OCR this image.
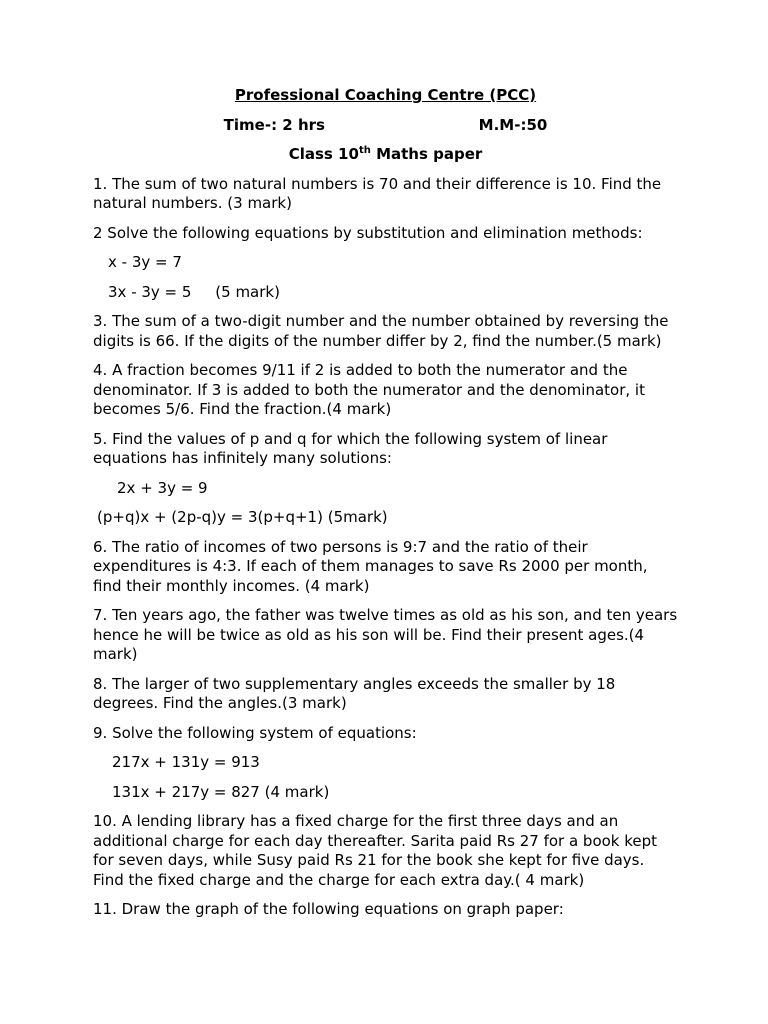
Professional Coaching Centre (PCC)
Time-: 2 hrs	M.M-:50
Class 10th Maths paper

1. The sum of two natural numbers is 70 and their difference is 10. Find the natural numbers. (3 mark)

2 Solve the following equations by substitution and elimination methods:

x - 3y = 7

3x - 3y = 5     (5 mark)

3. The sum of a two-digit number and the number obtained by reversing the digits is 66. If the digits of the number differ by 2, find the number.(5 mark)

4. A fraction becomes 9/11 if 2 is added to both the numerator and the denominator. If 3 is added to both the numerator and the denominator, it becomes 5/6. Find the fraction.(4 mark)

5. Find the values of p and q for which the following system of linear equations has infinitely many solutions:

2x + 3y = 9

(p+q)x + (2p-q)y = 3(p+q+1) (5mark)

6. The ratio of incomes of two persons is 9:7 and the ratio of their expenditures is 4:3. If each of them manages to save Rs 2000 per month, find their monthly incomes. (4 mark)

7. Ten years ago, the father was twelve times as old as his son, and ten years hence he will be twice as old as his son will be. Find their present ages.(4 mark)

8. The larger of two supplementary angles exceeds the smaller by 18 degrees. Find the angles.(3 mark)

9. Solve the following system of equations:

217x + 131y = 913

131x + 217y = 827 (4 mark)

10. A lending library has a fixed charge for the first three days and an additional charge for each day thereafter. Sarita paid Rs 27 for a book kept for seven days, while Susy paid Rs 21 for the book she kept for five days. Find the fixed charge and the charge for each extra day.( 4 mark)

11. Draw the graph of the following equations on graph paper:
